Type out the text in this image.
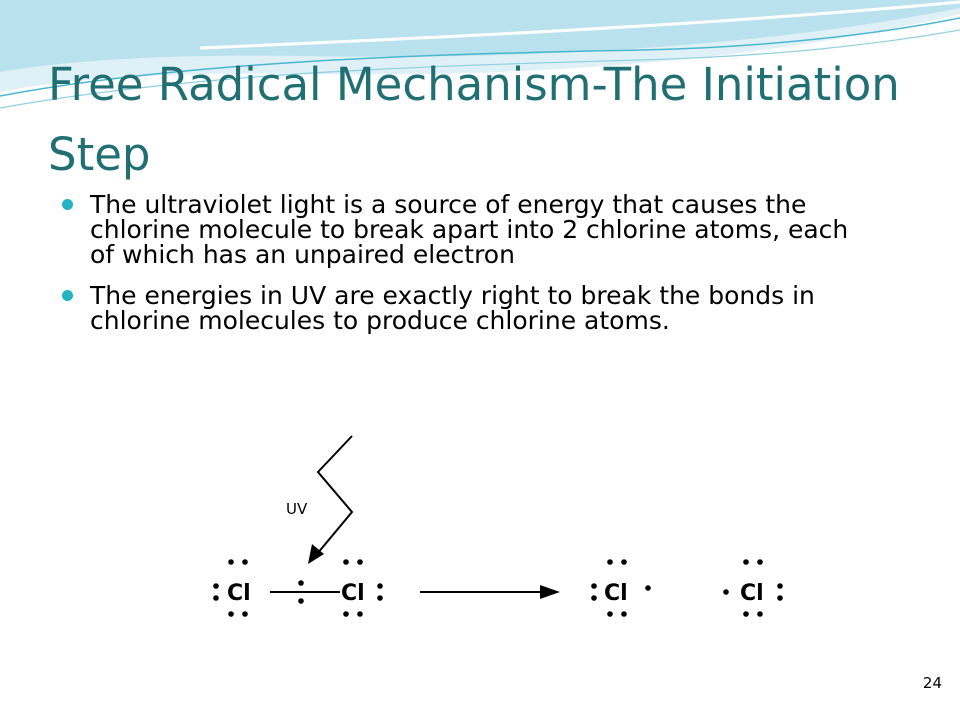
Free Radical Mechanism-The Initiation Step
The ultraviolet light is a source of energy that causes the chlorine molecule to break apart into 2 chlorine atoms, each of which has an unpaired electron
The energies in UV are exactly right to break the bonds in chlorine molecules to produce chlorine atoms.
UV
Cl	Cl	Cl	Cl
24
